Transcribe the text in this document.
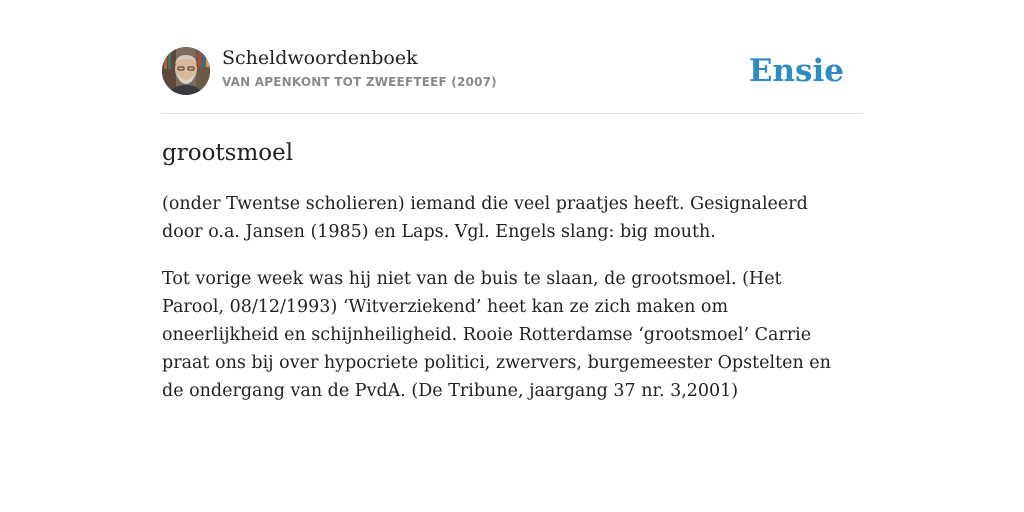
Scheldwoordenboek
VAN APENKONT TOT ZWEEFTEEF (2007)	Ensie
grootsmoel

(onder Twentse scholieren) iemand die veel praatjes heeft. Gesignaleerd door o.a. Jansen (1985) en Laps. Vgl. Engels slang: big mouth.

Tot vorige week was hij niet van de buis te slaan, de grootsmoel. (Het Parool, 08/12/1993) ‘Witverziekend’ heet kan ze zich maken om oneerlijkheid en schijnheiligheid. Rooie Rotterdamse ‘grootsmoel’ Carrie praat ons bij over hypocriete politici, zwervers, burgemeester Opstelten en de ondergang van de PvdA. (De Tribune, jaargang 37 nr. 3,2001)
